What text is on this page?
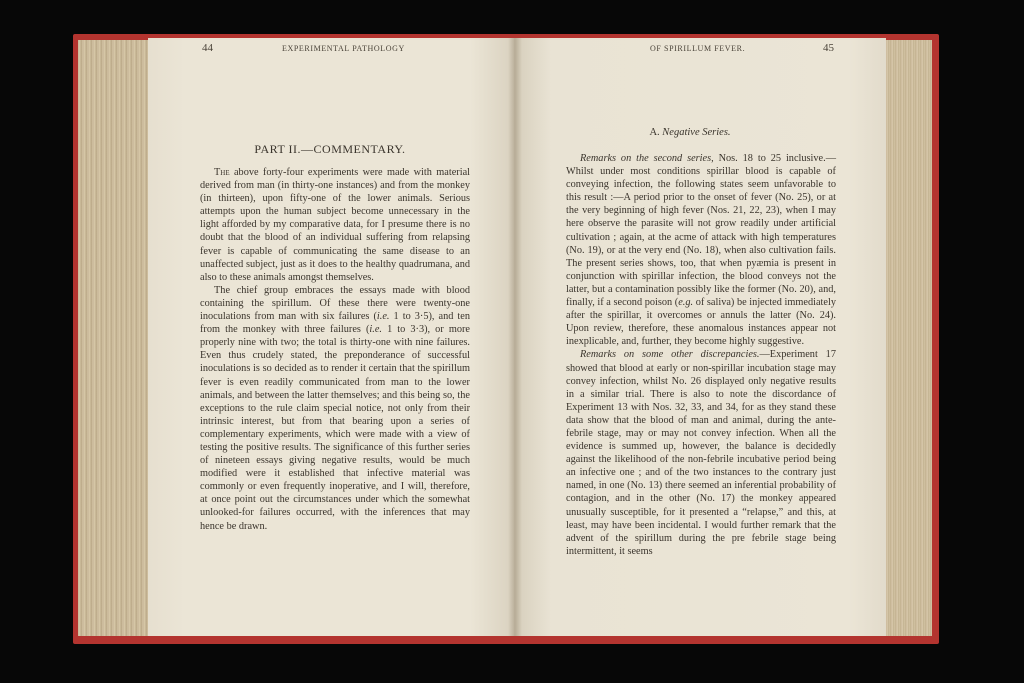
44	EXPERIMENTAL PATHOLOGY
PART II.—COMMENTARY.

The above forty-four experiments were made with material derived from man (in thirty-one instances) and from the monkey (in thirteen), upon fifty-one of the lower animals. Serious attempts upon the human subject become unnecessary in the light afforded by my comparative data, for I presume there is no doubt that the blood of an individual suffering from relapsing fever is capable of communicating the same disease to an unaffected subject, just as it does to the healthy quadrumana, and also to these animals amongst themselves.

The chief group embraces the essays made with blood containing the spirillum. Of these there were twenty-one inoculations from man with six failures (i.e. 1 to 3·5), and ten from the monkey with three failures (i.e. 1 to 3·3), or more properly nine with two; the total is thirty-one with nine failures. Even thus crudely stated, the preponderance of successful inoculations is so decided as to render it certain that the spirillum fever is even readily communicated from man to the lower animals, and between the latter themselves; and this being so, the exceptions to the rule claim special notice, not only from their intrinsic interest, but from that bearing upon a series of complementary experiments, which were made with a view of testing the positive results. The significance of this further series of nineteen essays giving negative results, would be much modified were it established that infective material was commonly or even frequently inoperative, and I will, therefore, at once point out the circumstances under which the somewhat unlooked-for failures occurred, with the inferences that may hence be drawn.

OF SPIRILLUM FEVER.	45
A. Negative Series.

Remarks on the second series, Nos. 18 to 25 inclusive.—Whilst under most conditions spirillar blood is capable of conveying infection, the following states seem unfavorable to this result :—A period prior to the onset of fever (No. 25), or at the very beginning of high fever (Nos. 21, 22, 23), when I may here observe the parasite will not grow readily under artificial cultivation ; again, at the acme of attack with high temperatures (No. 19), or at the very end (No. 18), when also cultivation fails. The present series shows, too, that when pyæmia is present in conjunction with spirillar infection, the blood conveys not the latter, but a contamination possibly like the former (No. 20), and, finally, if a second poison (e.g. of saliva) be injected immediately after the spirillar, it overcomes or annuls the latter (No. 24). Upon review, therefore, these anomalous instances appear not inexplicable, and, further, they become highly suggestive.

Remarks on some other discrepancies.—Experiment 17 showed that blood at early or non-spirillar incubation stage may convey infection, whilst No. 26 displayed only negative results in a similar trial. There is also to note the discordance of Experiment 13 with Nos. 32, 33, and 34, for as they stand these data show that the blood of man and animal, during the ante-febrile stage, may or may not convey infection. When all the evidence is summed up, however, the balance is decidedly against the likelihood of the non-febrile incubative period being an infective one ; and of the two instances to the contrary just named, in one (No. 13) there seemed an inferential probability of contagion, and in the other (No. 17) the monkey appeared unusually susceptible, for it presented a “relapse,” and this, at least, may have been incidental. I would further remark that the advent of the spirillum during the pre febrile stage being intermittent, it seems
